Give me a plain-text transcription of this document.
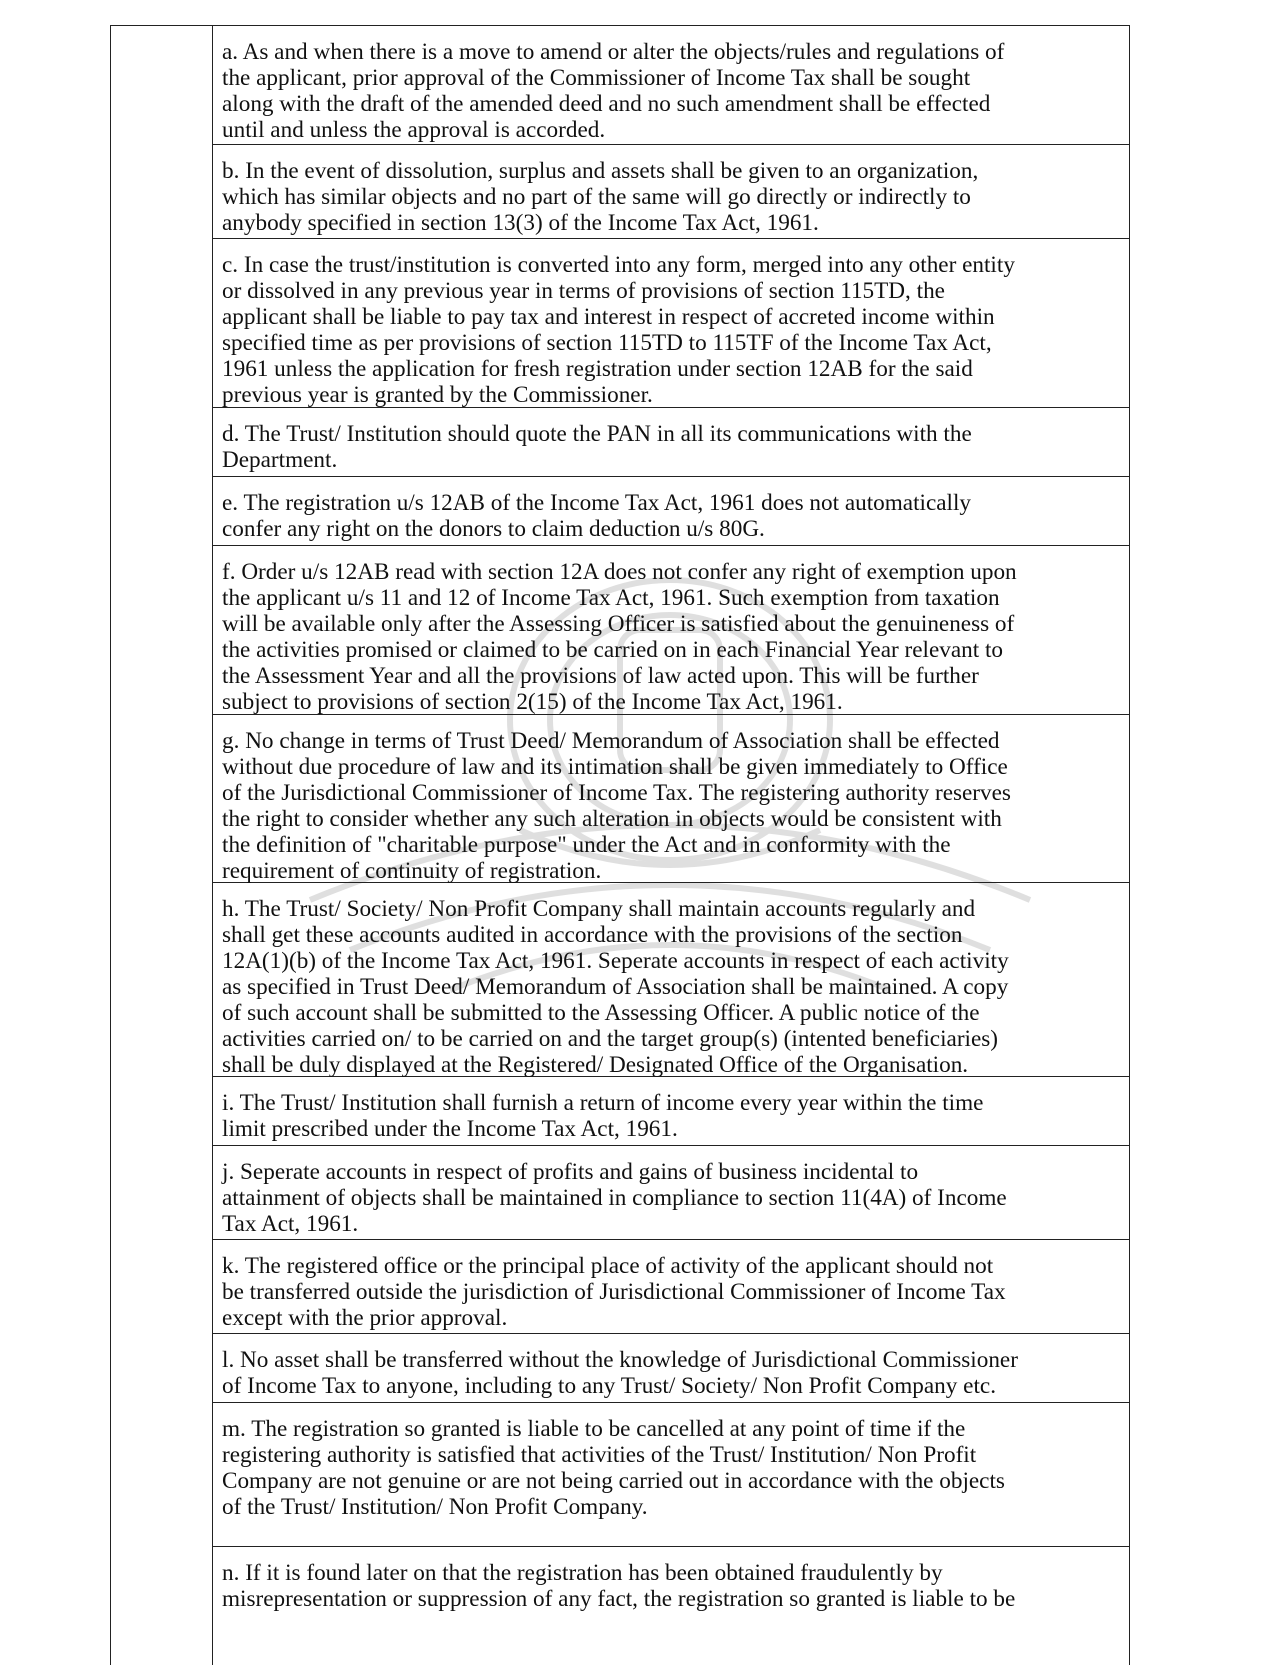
a. As and when there is a move to amend or alter the objects/rules and regulations of
the applicant, prior approval of the Commissioner of Income Tax shall be sought
along with the draft of the amended deed and no such amendment shall be effected
until and unless the approval is accorded.

b. In the event of dissolution, surplus and assets shall be given to an organization,
which has similar objects and no part of the same will go directly or indirectly to
anybody specified in section 13(3) of the Income Tax Act, 1961.

c. In case the trust/institution is converted into any form, merged into any other entity
or dissolved in any previous year in terms of provisions of section 115TD, the
applicant shall be liable to pay tax and interest in respect of accreted income within
specified time as per provisions of section 115TD to 115TF of the Income Tax Act,
1961 unless the application for fresh registration under section 12AB for the said
previous year is granted by the Commissioner.

d. The Trust/ Institution should quote the PAN in all its communications with the
Department.

e. The registration u/s 12AB of the Income Tax Act, 1961 does not automatically
confer any right on the donors to claim deduction u/s 80G.

f. Order u/s 12AB read with section 12A does not confer any right of exemption upon
the applicant u/s 11 and 12 of Income Tax Act, 1961. Such exemption from taxation
will be available only after the Assessing Officer is satisfied about the genuineness of
the activities promised or claimed to be carried on in each Financial Year relevant to
the Assessment Year and all the provisions of law acted upon. This will be further
subject to provisions of section 2(15) of the Income Tax Act, 1961.

g. No change in terms of Trust Deed/ Memorandum of Association shall be effected
without due procedure of law and its intimation shall be given immediately to Office
of the Jurisdictional Commissioner of Income Tax. The registering authority reserves
the right to consider whether any such alteration in objects would be consistent with
the definition of "charitable purpose" under the Act and in conformity with the
requirement of continuity of registration.

h. The Trust/ Society/ Non Profit Company shall maintain accounts regularly and
shall get these accounts audited in accordance with the provisions of the section
12A(1)(b) of the Income Tax Act, 1961. Seperate accounts in respect of each activity
as specified in Trust Deed/ Memorandum of Association shall be maintained. A copy
of such account shall be submitted to the Assessing Officer. A public notice of the
activities carried on/ to be carried on and the target group(s) (intented beneficiaries)
shall be duly displayed at the Registered/ Designated Office of the Organisation.

i. The Trust/ Institution shall furnish a return of income every year within the time
limit prescribed under the Income Tax Act, 1961.

j. Seperate accounts in respect of profits and gains of business incidental to
attainment of objects shall be maintained in compliance to section 11(4A) of Income
Tax Act, 1961.

k. The registered office or the principal place of activity of the applicant should not
be transferred outside the jurisdiction of Jurisdictional Commissioner of Income Tax
except with the prior approval.

l. No asset shall be transferred without the knowledge of Jurisdictional Commissioner
of Income Tax to anyone, including to any Trust/ Society/ Non Profit Company etc.

m. The registration so granted is liable to be cancelled at any point of time if the
registering authority is satisfied that activities of the Trust/ Institution/ Non Profit
Company are not genuine or are not being carried out in accordance with the objects
of the Trust/ Institution/ Non Profit Company.

n. If it is found later on that the registration has been obtained fraudulently by
misrepresentation or suppression of any fact, the registration so granted is liable to be
